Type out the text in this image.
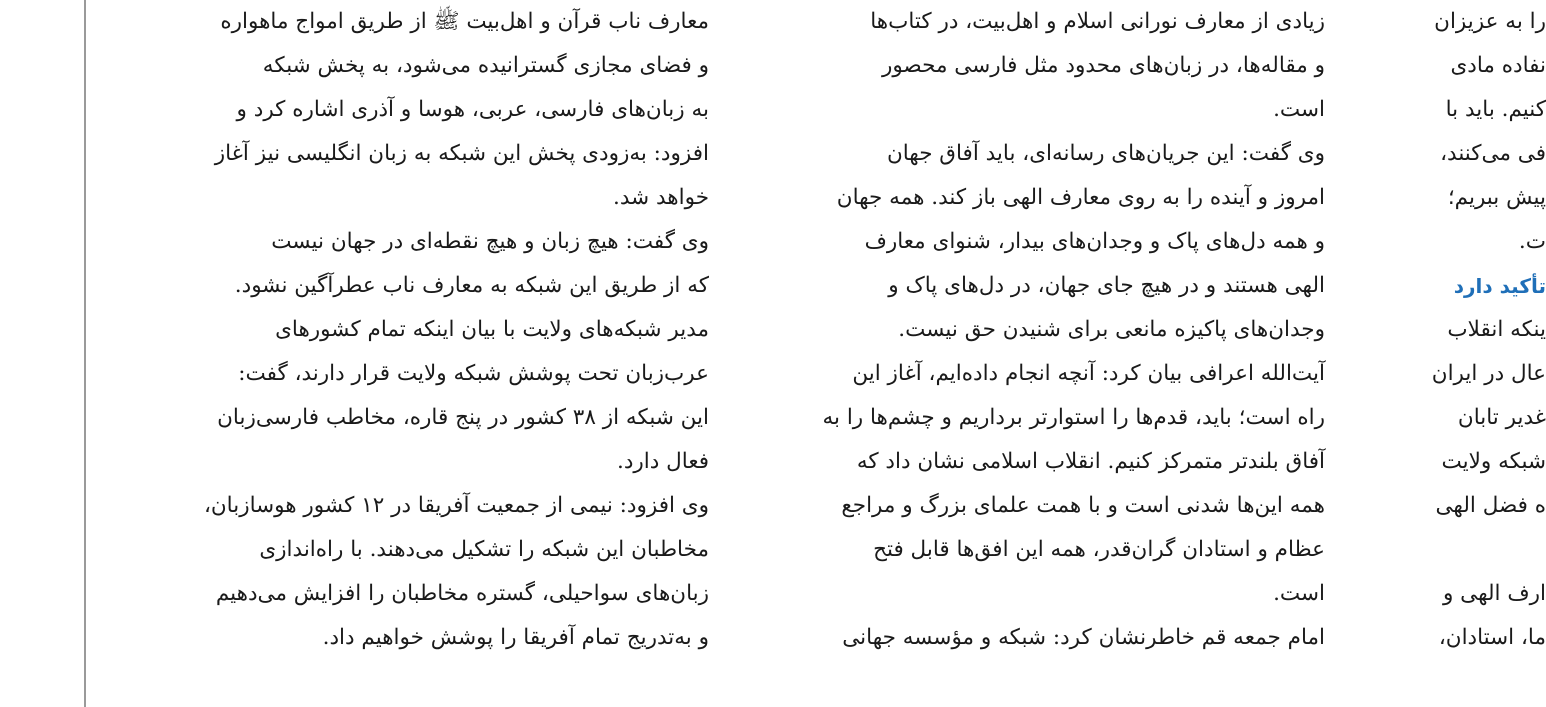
معارف ناب قرآن و اهل‌بیت ﷺ از طریق امواج ماهواره
و فضای مجازی گسترانیده می‌شود، به پخش شبکه
به زبان‌های فارسی، عربی، هوسا و آذری اشاره کرد و
افزود: به‌زودی پخش این شبکه به زبان انگلیسی نیز آغاز
خواهد شد.
وی گفت: هیچ زبان و هیچ نقطه‌ای در جهان نیست
که از طریق این شبکه به معارف ناب عطرآگین نشود.
مدیر شبکه‌های ولایت با بیان اینکه تمام کشورهای
عرب‌زبان تحت پوشش شبکه ولایت قرار دارند، گفت:
این شبکه از ۳۸ کشور در پنج قاره، مخاطب فارسی‌زبان
فعال دارد.
وی افزود: نیمی از جمعیت آفریقا در ۱۲ کشور هوسازبان،
مخاطبان این شبکه را تشکیل می‌دهند. با راه‌اندازی
زبان‌های سواحیلی، گستره مخاطبان را افزایش می‌دهیم
و به‌تدریج تمام آفریقا را پوشش خواهیم داد.
زیادی از معارف نورانی اسلام و اهل‌بیت، در کتاب‌ها
و مقاله‌ها، در زبان‌های محدود مثل فارسی محصور
است.
وی گفت: این جریان‌های رسانه‌ای، باید آفاق جهان
امروز و آینده را به روی معارف الهی باز کند. همه جهان
و همه دل‌های پاک و وجدان‌های بیدار، شنوای معارف
الهی هستند و در هیچ جای جهان، در دل‌های پاک و
وجدان‌های پاکیزه مانعی برای شنیدن حق نیست.
آیت‌الله اعرافی بیان کرد: آنچه انجام داده‌ایم، آغاز این
راه است؛ باید، قدم‌ها را استوارتر برداریم و چشم‌ها را به
آفاق بلندتر متمرکز کنیم. انقلاب اسلامی نشان داد که
همه این‌ها شدنی است و با همت علمای بزرگ و مراجع
عظام و استادان گران‌قدر، همه این افق‌ها قابل فتح
است.
امام جمعه قم خاطرنشان کرد: شبکه و مؤسسه جهانی
را به عزیزان
نفاده مادی
کنیم. باید با
فی می‌کنند،
پیش ببریم؛
ت.
تأکید دارد
ینکه انقلاب
عال در ایران
غدیر تابان
شبکه ولایت
ه فضل الهی
ارف الهی و
ما، استادان،
